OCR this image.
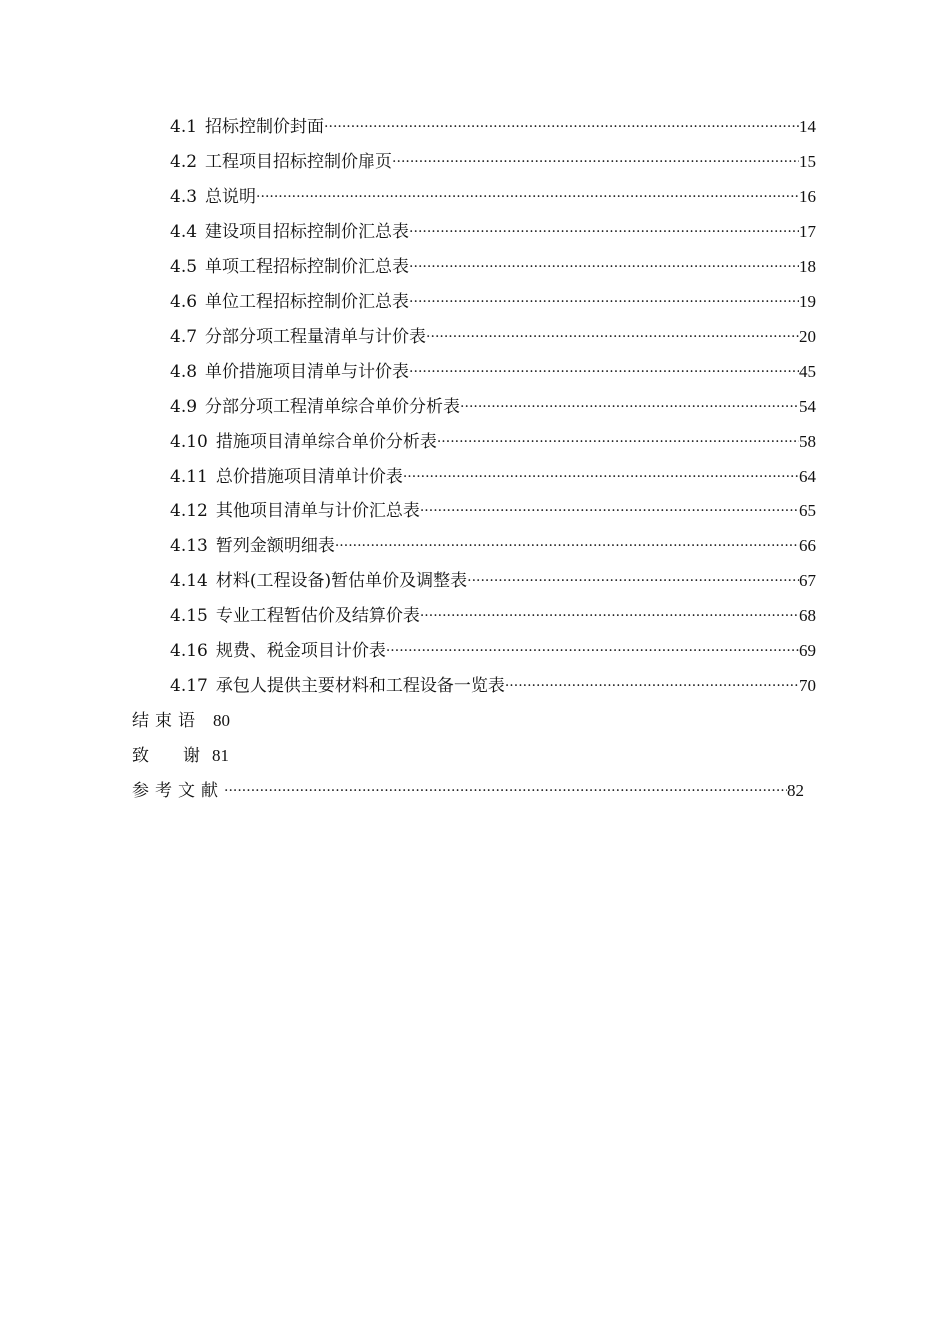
4.1 招标控制价封面 ·····	14
4.2 工程项目招标控制价扉页 ·····	15
4.3 总说明 ·····	16
4.4 建设项目招标控制价汇总表 ·····	17
4.5 单项工程招标控制价汇总表 ·····	18
4.6 单位工程招标控制价汇总表 ·····	19
4.7 分部分项工程量清单与计价表 ·····	20
4.8 单价措施项目清单与计价表 ·····	45
4.9 分部分项工程清单综合单价分析表 ·····	54
4.10 措施项目清单综合单价分析表 ·····	58
4.11 总价措施项目清单计价表 ·····	64
4.12 其他项目清单与计价汇总表 ·····	65
4.13 暂列金额明细表 ·····	66
4.14 材料(工程设备)暂估单价及调整表 ·····	67
4.15 专业工程暂估价及结算价表 ·····	68
4.16 规费、税金项目计价表 ·····	69
4.17 承包人提供主要材料和工程设备一览表 ·····	70
结束语 80
致 谢 81
参考文献 ·····	82
